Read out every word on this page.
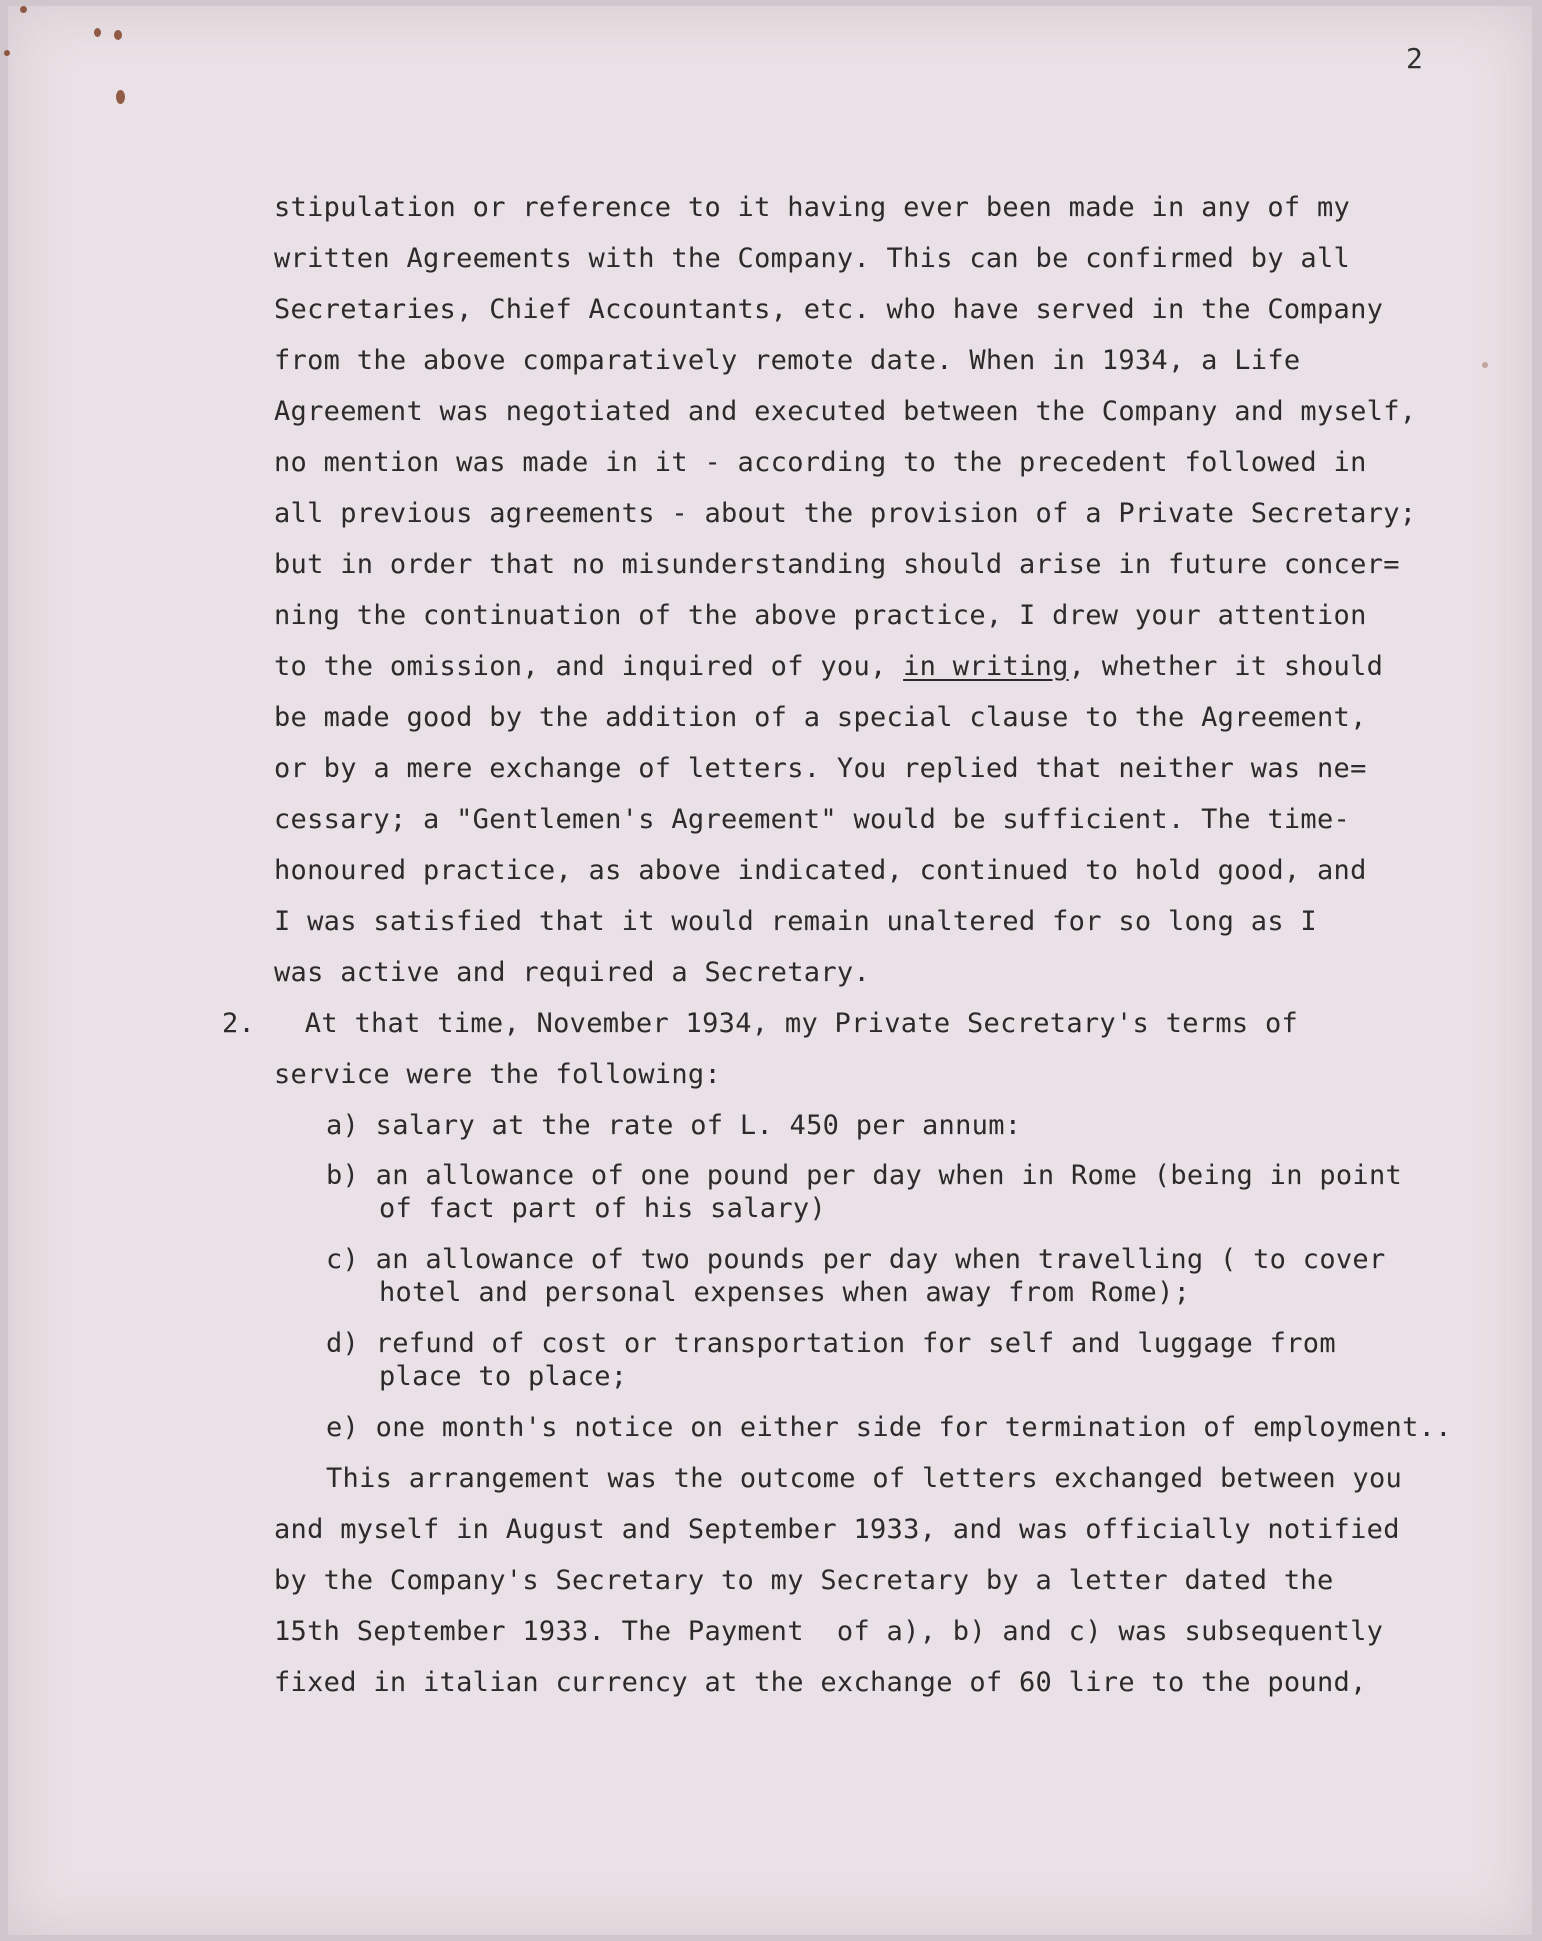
2
stipulation or reference to it having ever been made in any of my
written Agreements with the Company. This can be confirmed by all
Secretaries, Chief Accountants, etc. who have served in the Company
from the above comparatively remote date. When in 1934, a Life
Agreement was negotiated and executed between the Company and myself,
no mention was made in it - according to the precedent followed in
all previous agreements - about the provision of a Private Secretary;
but in order that no misunderstanding should arise in future concer=
ning the continuation of the above practice, I drew your attention
to the omission, and inquired of you, in writing, whether it should
be made good by the addition of a special clause to the Agreement,
or by a mere exchange of letters. You replied that neither was ne=
cessary; a "Gentlemen's Agreement" would be sufficient. The time-
honoured practice, as above indicated, continued to hold good, and
I was satisfied that it would remain unaltered for so long as I
was active and required a Secretary.
2.   At that time, November 1934, my Private Secretary's terms of
service were the following:
a) salary at the rate of L. 450 per annum:
b) an allowance of one pound per day when in Rome (being in point
of fact part of his salary)
c) an allowance of two pounds per day when travelling ( to cover
hotel and personal expenses when away from Rome);
d) refund of cost or transportation for self and luggage from
place to place;
e) one month's notice on either side for termination of employment..
This arrangement was the outcome of letters exchanged between you
and myself in August and September 1933, and was officially notified
by the Company's Secretary to my Secretary by a letter dated the
15th September 1933. The Payment  of a), b) and c) was subsequently
fixed in italian currency at the exchange of 60 lire to the pound,
